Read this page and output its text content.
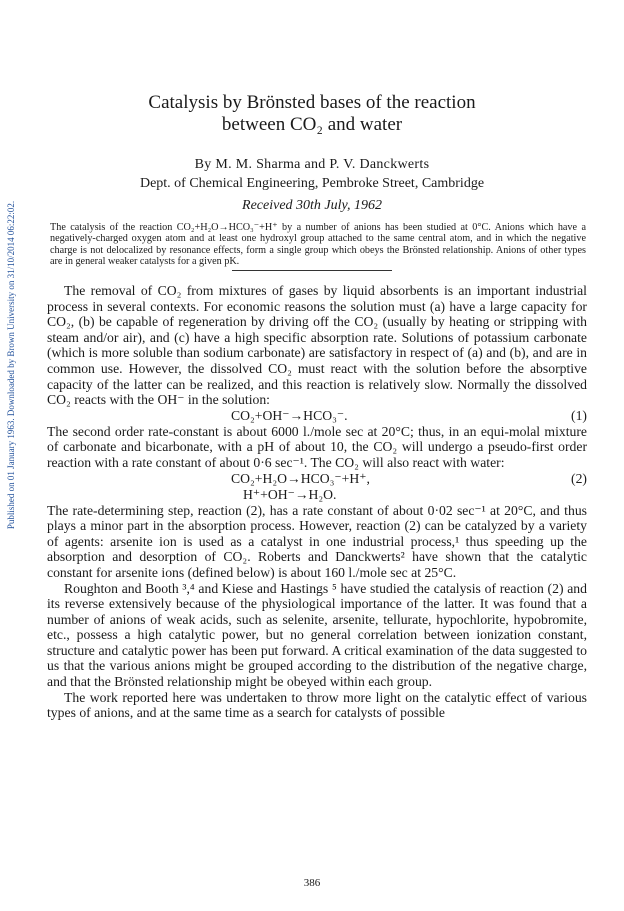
Published on 01 January 1963. Downloaded by Brown University on 31/10/2014 06:22:02.
Catalysis by Brönsted bases of the reaction
between CO₂ and water
By M. M. Sharma and P. V. Danckwerts
Dept. of Chemical Engineering, Pembroke Street, Cambridge
Received 30th July, 1962
The catalysis of the reaction CO₂+H₂O→HCO₃⁻+H⁺ by a number of anions has been studied at 0°C. Anions which have a negatively-charged oxygen atom and at least one hydroxyl group attached to the same central atom, and in which the negative charge is not delocalized by resonance effects, form a single group which obeys the Brönsted relationship. Anions of other types are in general weaker catalysts for a given pK.

The removal of CO₂ from mixtures of gases by liquid absorbents is an important industrial process in several contexts. For economic reasons the solution must (a) have a large capacity for CO₂, (b) be capable of regeneration by driving off the CO₂ (usually by heating or stripping with steam and/or air), and (c) have a high specific absorption rate. Solutions of potassium carbonate (which is more soluble than sodium carbonate) are satisfactory in respect of (a) and (b), and are in common use. However, the dissolved CO₂ must react with the solution before the absorptive capacity of the latter can be realized, and this reaction is relatively slow. Normally the dissolved CO₂ reacts with the OH⁻ in the solution:

CO₂+OH⁻→HCO₃⁻.	(1)

The second order rate-constant is about 6000 l./mole sec at 20°C; thus, in an equi-molal mixture of carbonate and bicarbonate, with a pH of about 10, the CO₂ will undergo a pseudo-first order reaction with a rate constant of about 0·6 sec⁻¹. The CO₂ will also react with water:

CO₂+H₂O→HCO₃⁻+H⁺,	(2)
H⁺+OH⁻→H₂O.

The rate-determining step, reaction (2), has a rate constant of about 0·02 sec⁻¹ at 20°C, and thus plays a minor part in the absorption process. However, reaction (2) can be catalyzed by a variety of agents: arsenite ion is used as a catalyst in one industrial process,¹ thus speeding up the absorption and desorption of CO₂. Roberts and Danckwerts² have shown that the catalytic constant for arsenite ions (defined below) is about 160 l./mole sec at 25°C.

Roughton and Booth ³,⁴ and Kiese and Hastings ⁵ have studied the catalysis of reaction (2) and its reverse extensively because of the physiological importance of the latter. It was found that a number of anions of weak acids, such as selenite, arsenite, tellurate, hypochlorite, hypobromite, etc., possess a high catalytic power, but no general correlation between ionization constant, structure and catalytic power has been put forward. A critical examination of the data suggested to us that the various anions might be grouped according to the distribution of the negative charge, and that the Brönsted relationship might be obeyed within each group.

The work reported here was undertaken to throw more light on the catalytic effect of various types of anions, and at the same time as a search for catalysts of possible

386
